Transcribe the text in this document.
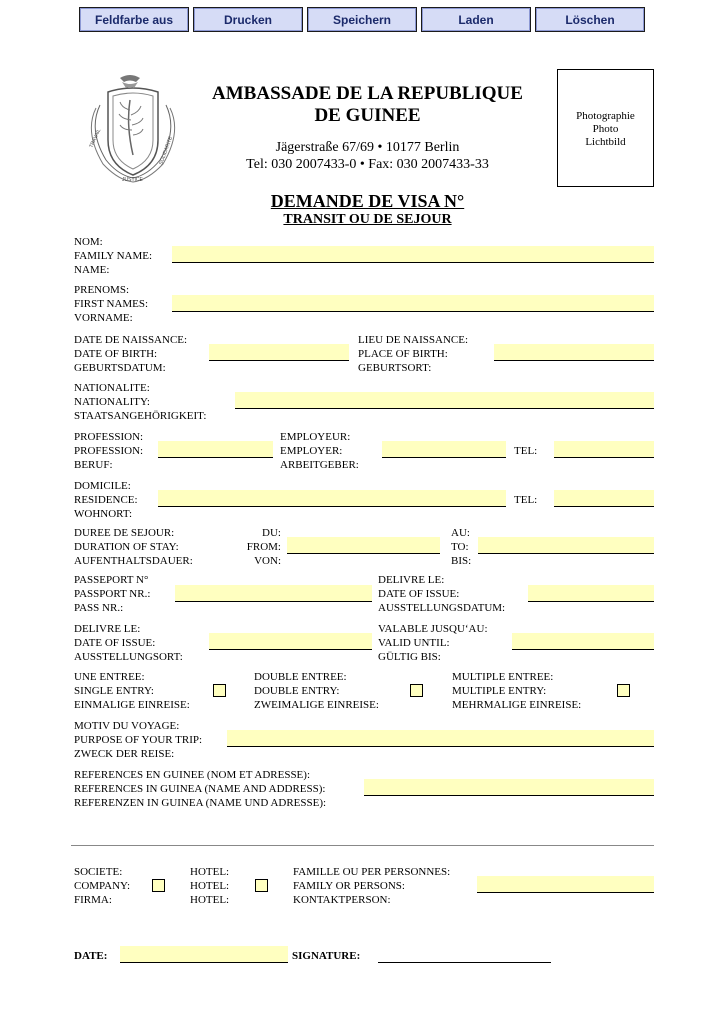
Feldfarbe aus	Drucken	Speichern	Laden	Löschen
TRAVAIL
JUSTICE
SOLIDARITE
AMBASSADE DE LA REPUBLIQUE
DE GUINEE
Jägerstraße 67/69 • 10177 Berlin
Tel: 030 2007433-0 • Fax: 030 2007433-33
Photographie
Photo
Lichtbild
DEMANDE DE VISA N°
TRANSIT OU DE SEJOUR
NOM:
FAMILY NAME:
NAME:
PRENOMS:
FIRST NAMES:
VORNAME:
DATE DE NAISSANCE:
DATE OF BIRTH:
GEBURTSDATUM:
LIEU DE NAISSANCE:
PLACE OF BIRTH:
GEBURTSORT:
NATIONALITE:
NATIONALITY:
STAATSANGEHÖRIGKEIT:
PROFESSION:
PROFESSION:
BERUF:
EMPLOYEUR:
EMPLOYER:
ARBEITGEBER:
TEL:
DOMICILE:
RESIDENCE:
WOHNORT:
TEL:
DUREE DE SEJOUR:
DURATION OF STAY:
AUFENTHALTSDAUER:
DU:
FROM:
VON:
AU:
TO:
BIS:
PASSEPORT N°
PASSPORT NR.:
PASS NR.:
DELIVRE LE:
DATE OF ISSUE:
AUSSTELLUNGSDATUM:
DELIVRE LE:
DATE OF ISSUE:
AUSSTELLUNGSORT:
VALABLE JUSQU‘AU:
VALID UNTIL:
GÜLTIG BIS:
UNE ENTREE:
SINGLE ENTRY:
EINMALIGE EINREISE:
DOUBLE ENTREE:
DOUBLE ENTRY:
ZWEIMALIGE EINREISE:
MULTIPLE ENTREE:
MULTIPLE ENTRY:
MEHRMALIGE EINREISE:
MOTIV DU VOYAGE:
PURPOSE OF YOUR TRIP:
ZWECK DER REISE:
REFERENCES EN GUINEE (NOM ET ADRESSE):
REFERENCES IN GUINEA (NAME AND ADDRESS):
REFERENZEN IN GUINEA (NAME UND ADRESSE):
SOCIETE:
COMPANY:
FIRMA:
HOTEL:
HOTEL:
HOTEL:
FAMILLE OU PER PERSONNES:
FAMILY OR PERSONS:
KONTAKTPERSON:
DATE:	SIGNATURE:
